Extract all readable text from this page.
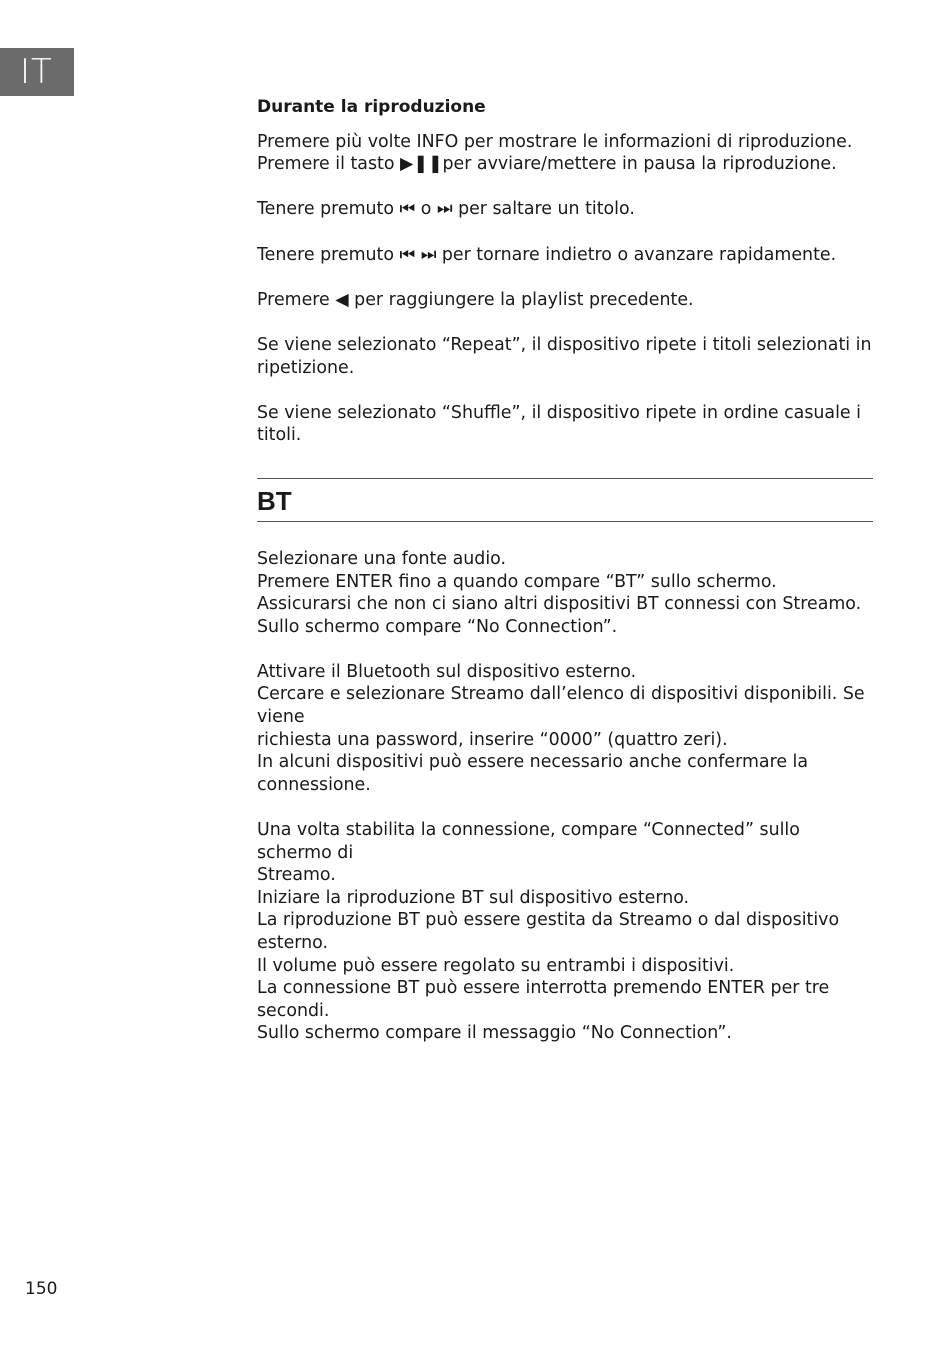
IT
Durante la riproduzione

Premere più volte INFO per mostrare le informazioni di riproduzione.
Premere il tasto ▶❚❚per avviare/mettere in pausa la riproduzione.

Tenere premuto ⏮ o ⏭ per saltare un titolo.

Tenere premuto ⏮ ⏭ per tornare indietro o avanzare rapidamente.

Premere ◀ per raggiungere la playlist precedente.

Se viene selezionato “Repeat”, il dispositivo ripete i titoli selezionati in
ripetizione.

Se viene selezionato “Shuffle”, il dispositivo ripete in ordine casuale i titoli.

BT

Selezionare una fonte audio.
Premere ENTER fino a quando compare “BT” sullo schermo.
Assicurarsi che non ci siano altri dispositivi BT connessi con Streamo.
Sullo schermo compare “No Connection”.

Attivare il Bluetooth sul dispositivo esterno.
Cercare e selezionare Streamo dall’elenco di dispositivi disponibili. Se viene
richiesta una password, inserire “0000” (quattro zeri).
In alcuni dispositivi può essere necessario anche confermare la
connessione.

Una volta stabilita la connessione, compare “Connected” sullo schermo di
Streamo.
Iniziare la riproduzione BT sul dispositivo esterno.
La riproduzione BT può essere gestita da Streamo o dal dispositivo esterno.
Il volume può essere regolato su entrambi i dispositivi.
La connessione BT può essere interrotta premendo ENTER per tre secondi.
Sullo schermo compare il messaggio “No Connection”.

150
